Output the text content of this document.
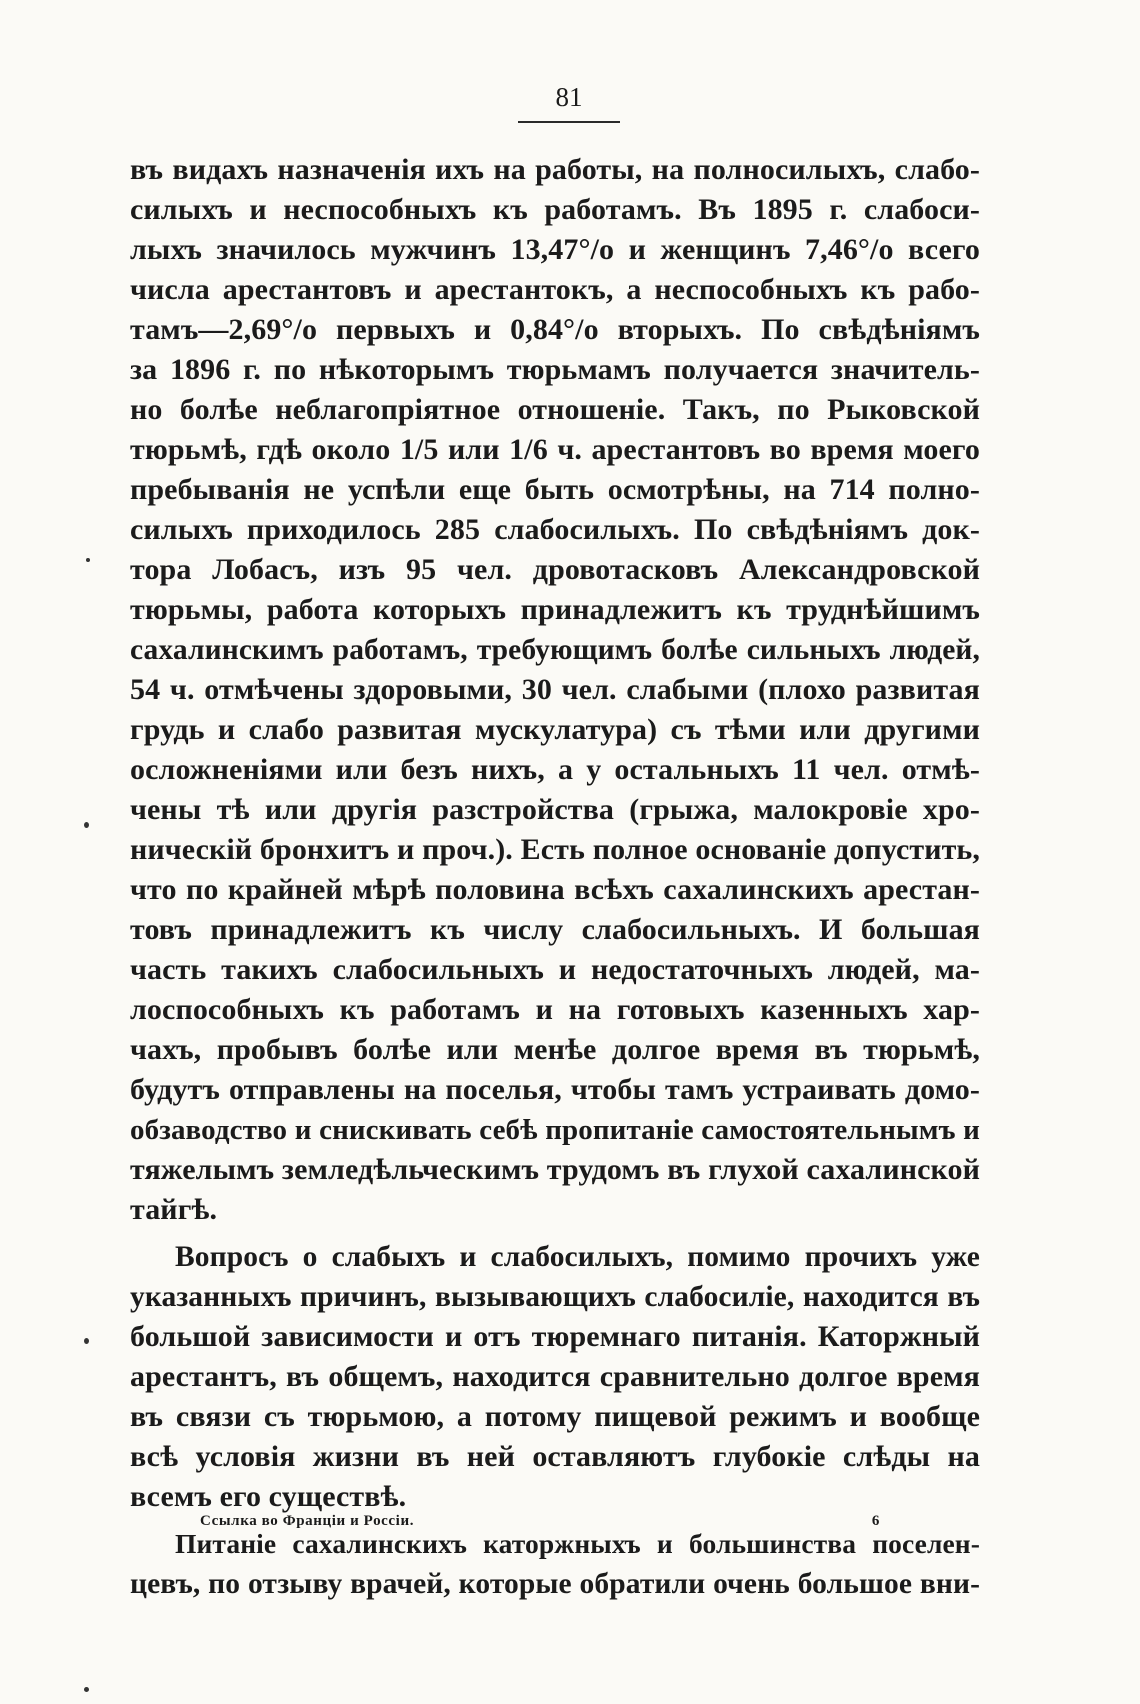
81
въ видахъ назначенія ихъ на работы, на полносилыхъ, слабо-
силыхъ и неспособныхъ къ работамъ. Въ 1895 г. слабоси-
лыхъ значилось мужчинъ 13,47°/o и женщинъ 7,46°/o всего
числа арестантовъ и арестантокъ, а неспособныхъ къ рабо-
тамъ—2,69°/o первыхъ и 0,84°/o вторыхъ. По свѣдѣніямъ
за 1896 г. по нѣкоторымъ тюрьмамъ получается значитель-
но болѣе неблагопріятное отношеніе. Такъ, по Рыковской
тюрьмѣ, гдѣ около 1/5 или 1/6 ч. арестантовъ во время моего
пребыванія не успѣли еще быть осмотрѣны, на 714 полно-
силыхъ приходилось 285 слабосилыхъ. По свѣдѣніямъ док-
тора Лобасъ, изъ 95 чел. дровотасковъ Александровской
тюрьмы, работа которыхъ принадлежитъ къ труднѣйшимъ
сахалинскимъ работамъ, требующимъ болѣе сильныхъ людей,
54 ч. отмѣчены здоровыми, 30 чел. слабыми (плохо развитая
грудь и слабо развитая мускулатура) съ тѣми или другими
осложненіями или безъ нихъ, а у остальныхъ 11 чел. отмѣ-
чены тѣ или другія разстройства (грыжа, малокровіе хро-
ническій бронхитъ и проч.). Есть полное основаніе допустить,
что по крайней мѣрѣ половина всѣхъ сахалинскихъ арестан-
товъ принадлежитъ къ числу слабосильныхъ. И большая
часть такихъ слабосильныхъ и недостаточныхъ людей, ма-
лоспособныхъ къ работамъ и на готовыхъ казенныхъ хар-
чахъ, пробывъ болѣе или менѣе долгое время въ тюрьмѣ,
будутъ отправлены на поселья, чтобы тамъ устраивать домо-
обзаводство и снискивать себѣ пропитаніе самостоятельнымъ и
тяжелымъ земледѣльческимъ трудомъ въ глухой сахалинской
тайгѣ.
Вопросъ о слабыхъ и слабосилыхъ, помимо прочихъ уже
указанныхъ причинъ, вызывающихъ слабосиліе, находится въ
большой зависимости и отъ тюремнаго питанія. Каторжный
арестантъ, въ общемъ, находится сравнительно долгое время
въ связи съ тюрьмою, а потому пищевой режимъ и вообще
всѣ условія жизни въ ней оставляютъ глубокіе слѣды на
всемъ его существѣ.
Питаніе сахалинскихъ каторжныхъ и большинства поселен-
цевъ, по отзыву врачей, которые обратили очень большое вни-
Ссылка во Франціи и Россіи.	6
